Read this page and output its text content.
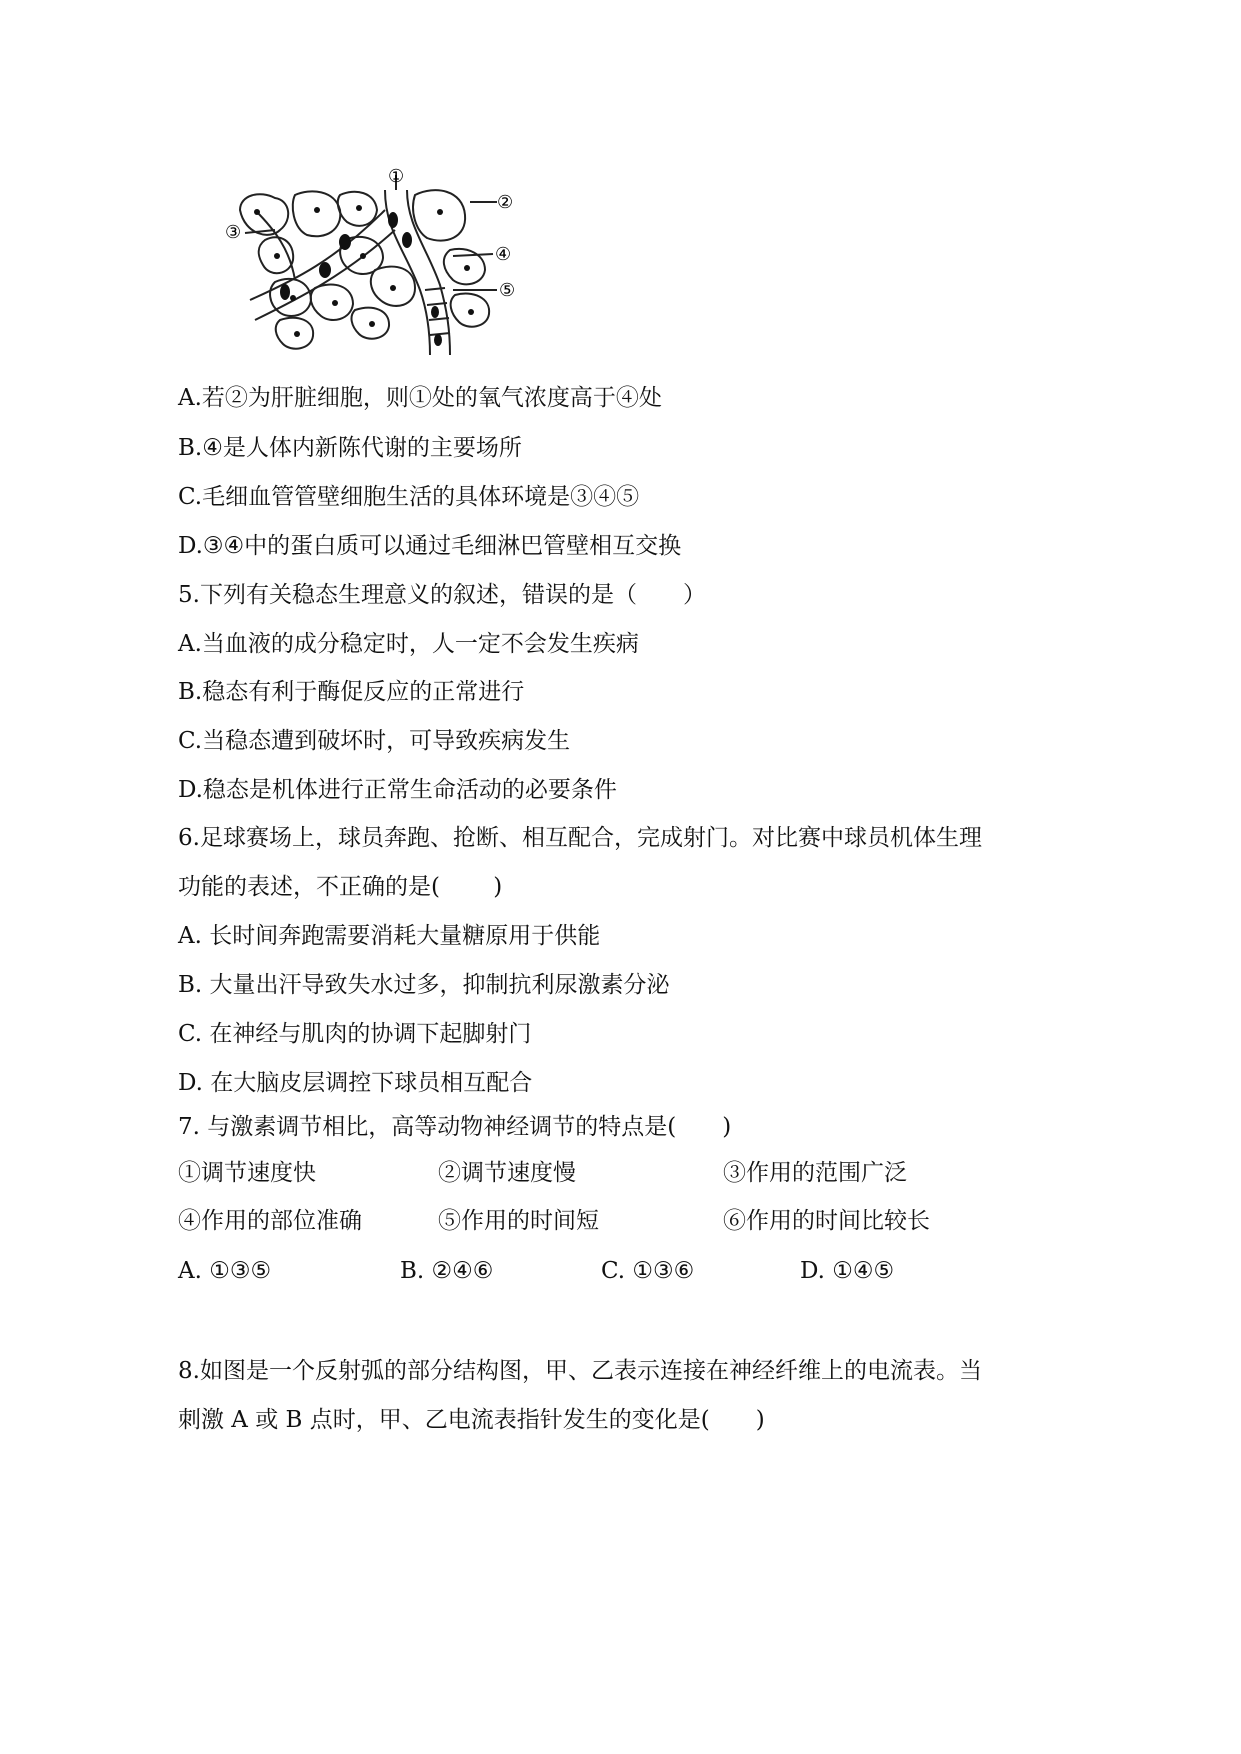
①
②
③
④
⑤
A.若②为肝脏细胞，则①处的氧气浓度高于④处
B.④是人体内新陈代谢的主要场所
C.毛细血管管壁细胞生活的具体环境是③④⑤
D.③④中的蛋白质可以通过毛细淋巴管壁相互交换
5.下列有关稳态生理意义的叙述，错误的是（　　）
A.当血液的成分稳定时，人一定不会发生疾病
B.稳态有利于酶促反应的正常进行
C.当稳态遭到破坏时，可导致疾病发生
D.稳态是机体进行正常生命活动的必要条件
6.足球赛场上，球员奔跑、抢断、相互配合，完成射门。对比赛中球员机体生理
功能的表述，不正确的是(　　 )
A. 长时间奔跑需要消耗大量糖原用于供能
B. 大量出汗导致失水过多，抑制抗利尿激素分泌
C. 在神经与肌肉的协调下起脚射门
D. 在大脑皮层调控下球员相互配合
7. 与激素调节相比，高等动物神经调节的特点是(　　)
①调节速度快	②调节速度慢	③作用的范围广泛
④作用的部位准确	⑤作用的时间短	⑥作用的时间比较长
A. ①③⑤	B. ②④⑥	C. ①③⑥	D. ①④⑤
8.如图是一个反射弧的部分结构图，甲、乙表示连接在神经纤维上的电流表。当
刺激 A 或 B 点时，甲、乙电流表指针发生的变化是(　　)
